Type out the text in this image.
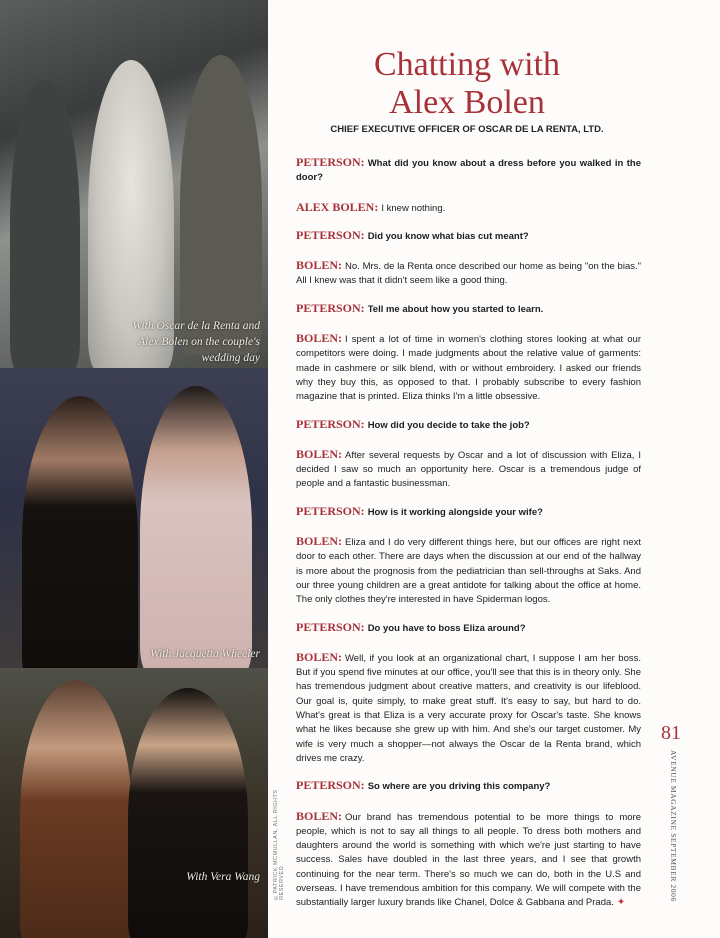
With Oscar de la Renta and Alex Bolen on the couple's wedding day
With Jacquetta Wheeler
With Vera Wang ©PATRICK MCMULLAN, ALL RIGHTS RESERVED
Chatting with
Alex Bolen
CHIEF EXECUTIVE OFFICER OF OSCAR DE LA RENTA, LTD.

PETERSON: What did you know about a dress before you walked in the door?

ALEX BOLEN: I knew nothing.

PETERSON: Did you know what bias cut meant?

BOLEN: No. Mrs. de la Renta once described our home as being "on the bias." All I knew was that it didn't seem like a good thing.

PETERSON: Tell me about how you started to learn.

BOLEN: I spent a lot of time in women's clothing stores looking at what our competitors were doing. I made judgments about the relative value of garments: made in cashmere or silk blend, with or without embroidery. I asked our friends why they buy this, as opposed to that. I probably subscribe to every fashion magazine that is printed. Eliza thinks I'm a little obsessive.

PETERSON: How did you decide to take the job?

BOLEN: After several requests by Oscar and a lot of discussion with Eliza, I decided I saw so much an opportunity here. Oscar is a tremendous judge of people and a fantastic businessman.

PETERSON: How is it working alongside your wife?

BOLEN: Eliza and I do very different things here, but our offices are right next door to each other. There are days when the discussion at our end of the hallway is more about the prognosis from the pediatrician than sell-throughs at Saks. And our three young children are a great antidote for talking about the office at home. The only clothes they're interested in have Spiderman logos.

PETERSON: Do you have to boss Eliza around?

BOLEN: Well, if you look at an organizational chart, I suppose I am her boss. But if you spend five minutes at our office, you'll see that this is in theory only. She has tremendous judgment about creative matters, and creativity is our lifeblood. Our goal is, quite simply, to make great stuff. It's easy to say, but hard to do. What's great is that Eliza is a very accurate proxy for Oscar's taste. She knows what he likes because she grew up with him. And she's our target customer. My wife is very much a shopper—not always the Oscar de la Renta brand, which drives me crazy.

PETERSON: So where are you driving this company?

BOLEN: Our brand has tremendous potential to be more things to more people, which is not to say all things to all people. To dress both mothers and daughters around the world is something with which we're just starting to have success. Sales have doubled in the last three years, and I see that growth continuing for the near term. There's so much we can do, both in the U.S and overseas. I have tremendous ambition for this company. We will compete with the substantially larger luxury brands like Chanel, Dolce & Gabbana and Prada. ✦

81
AVENUE MAGAZINE SEPTEMBER 2006
